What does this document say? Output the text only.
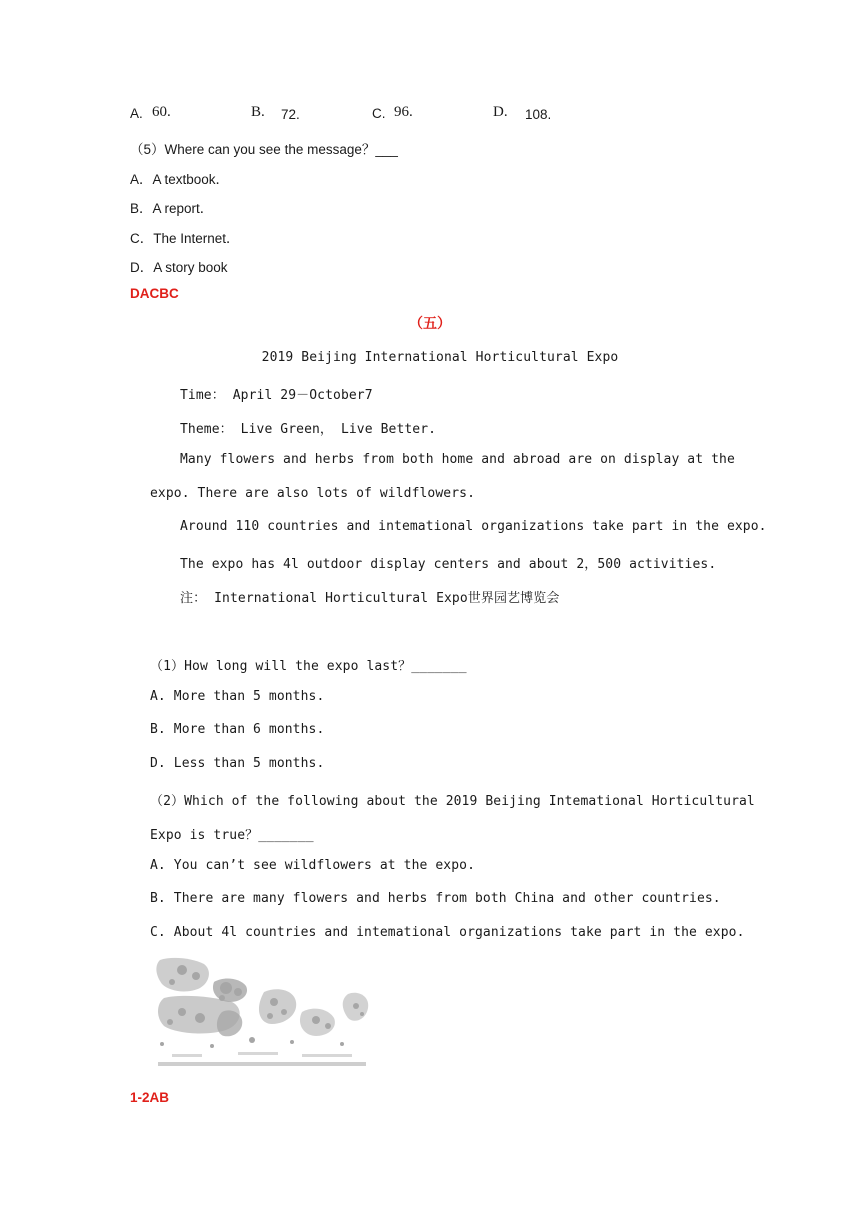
A. 60.	B. 72.	C. 96.	D. 108.
（5）Where can you see the message？___
A．A textbook．
B．A report．
C．The Internet．
D．A story book
DACBC
（五）
2019 Beijing International Horticultural Expo
Time： April 29－October7
Theme： Live Green， Live Better.
Many flowers and herbs from both home and abroad are on display at the
expo. There are also lots of wildflowers.
Around 110 countries and intemational organizations take part in the expo.
The expo has 4l outdoor display centers and about 2，500 activities.
注： International Horticultural Expo世界园艺博览会
（1）How long will the expo last？_______
A. More than 5 months.
B. More than 6 months.
D. Less than 5 months.
（2）Which of the following about the 2019 Beijing Intemational Horticultural
Expo is true？_______
A. You can’t see wildflowers at the expo.
B. There are many flowers and herbs from both China and other countries.
C. About 4l countries and intemational organizations take part in the expo.
1-2AB
